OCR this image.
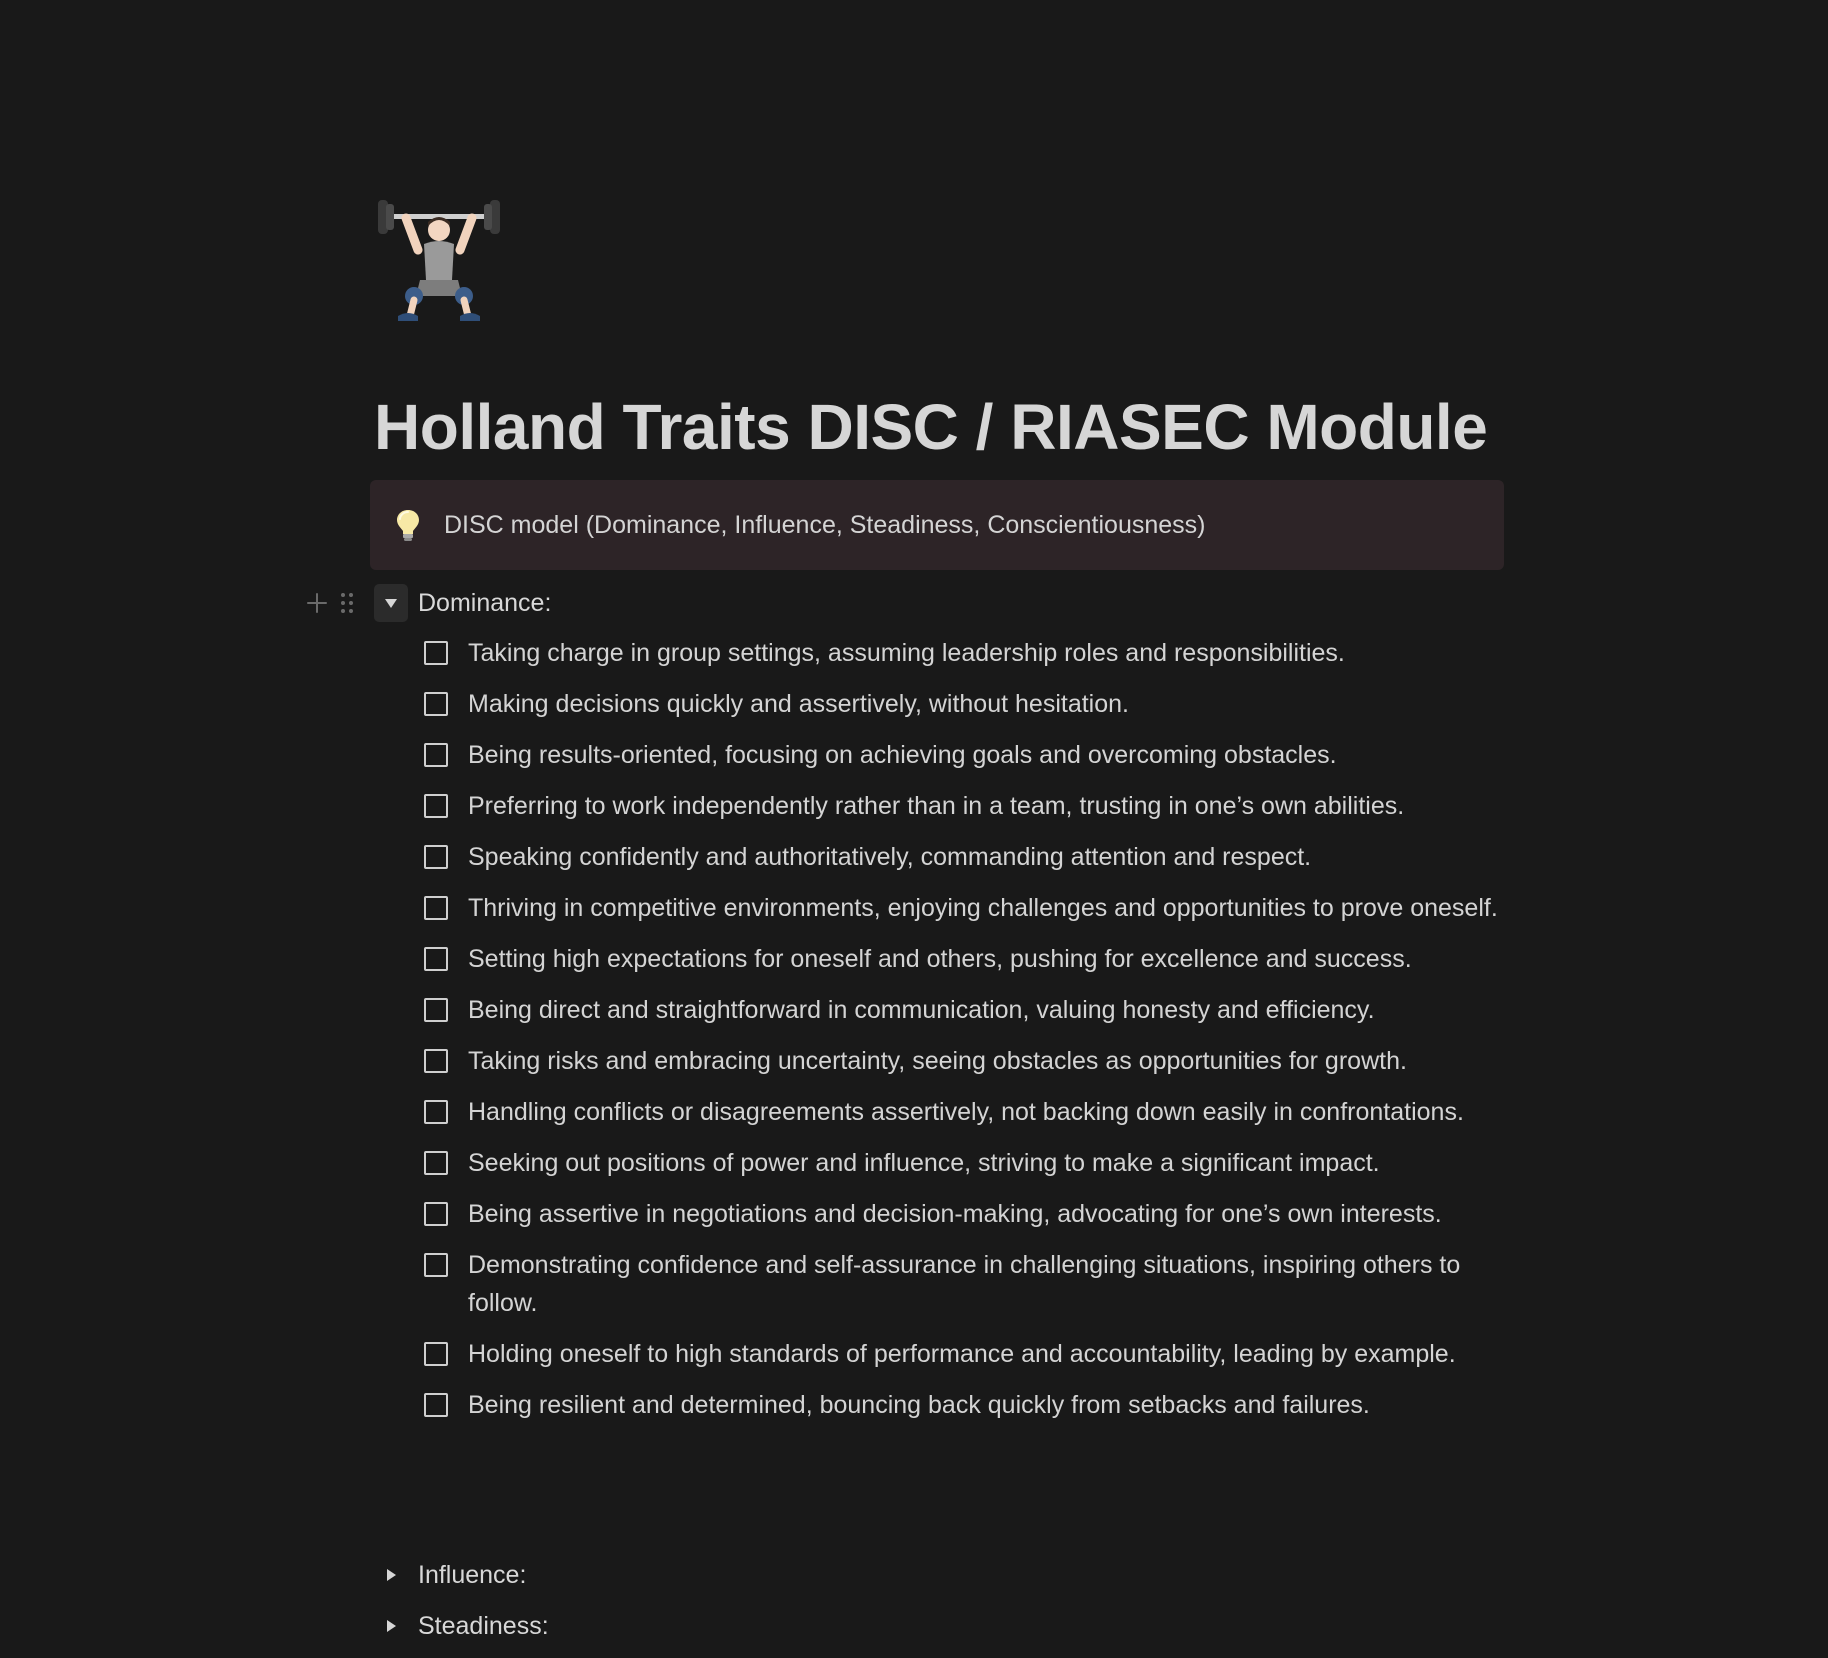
Holland Traits DISC / RIASEC Module
DISC model (Dominance, Influence, Steadiness, Conscientiousness)
Dominance:
Taking charge in group settings, assuming leadership roles and responsibilities.
Making decisions quickly and assertively, without hesitation.
Being results-oriented, focusing on achieving goals and overcoming obstacles.
Preferring to work independently rather than in a team, trusting in one’s own abilities.
Speaking confidently and authoritatively, commanding attention and respect.
Thriving in competitive environments, enjoying challenges and opportunities to prove oneself.
Setting high expectations for oneself and others, pushing for excellence and success.
Being direct and straightforward in communication, valuing honesty and efficiency.
Taking risks and embracing uncertainty, seeing obstacles as opportunities for growth.
Handling conflicts or disagreements assertively, not backing down easily in confrontations.
Seeking out positions of power and influence, striving to make a significant impact.
Being assertive in negotiations and decision-making, advocating for one’s own interests.
Demonstrating confidence and self-assurance in challenging situations, inspiring others to follow.
Holding oneself to high standards of performance and accountability, leading by example.
Being resilient and determined, bouncing back quickly from setbacks and failures.
Influence:
Steadiness:
